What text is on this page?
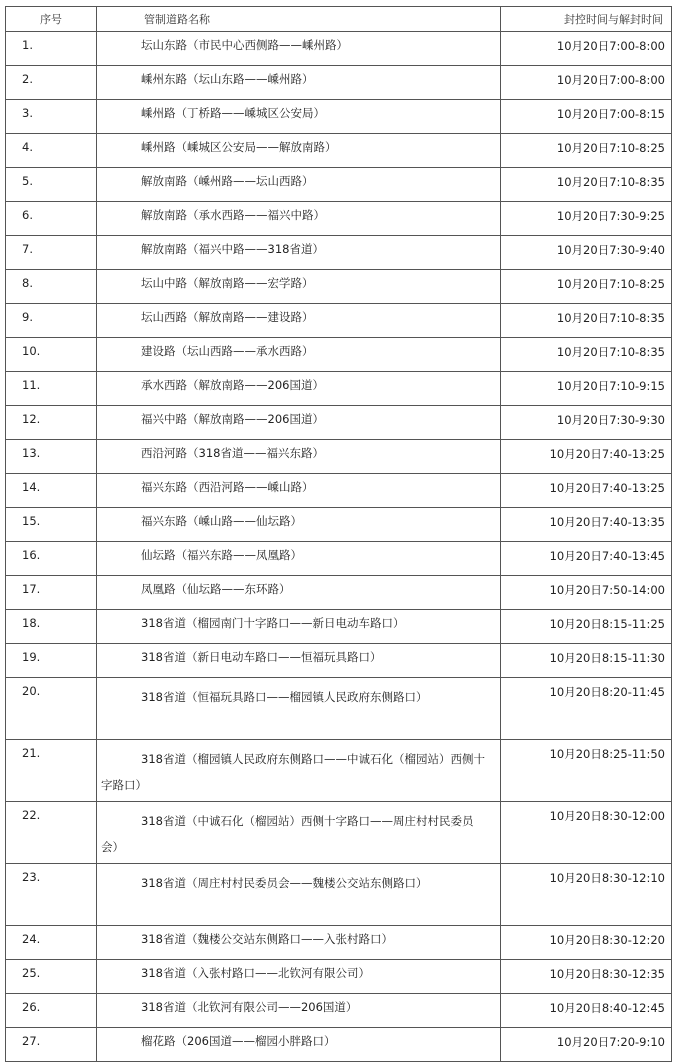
序号	管制道路名称	封控时间与解封时间
1.	坛山东路（市民中心西侧路——嵊州路）	10月20日7:00-8:00
2.	嵊州东路（坛山东路——嵊州路）	10月20日7:00-8:00
3.	嵊州路（丁桥路——嵊城区公安局）	10月20日7:00-8:15
4.	嵊州路（嵊城区公安局——解放南路）	10月20日7:10-8:25
5.	解放南路（嵊州路——坛山西路）	10月20日7:10-8:35
6.	解放南路（承水西路——福兴中路）	10月20日7:30-9:25
7.	解放南路（福兴中路——318省道）	10月20日7:30-9:40
8.	坛山中路（解放南路——宏学路）	10月20日7:10-8:25
9.	坛山西路（解放南路——建设路）	10月20日7:10-8:35
10.	建设路（坛山西路——承水西路）	10月20日7:10-8:35
11.	承水西路（解放南路——206国道）	10月20日7:10-9:15
12.	福兴中路（解放南路——206国道）	10月20日7:30-9:30
13.	西沿河路（318省道——福兴东路）	10月20日7:40-13:25
14.	福兴东路（西沿河路——嵊山路）	10月20日7:40-13:25
15.	福兴东路（嵊山路——仙坛路）	10月20日7:40-13:35
16.	仙坛路（福兴东路——凤凰路）	10月20日7:40-13:45
17.	凤凰路（仙坛路——东环路）	10月20日7:50-14:00
18.	318省道（榴园南门十字路口——新日电动车路口）	10月20日8:15-11:25
19.	318省道（新日电动车路口——恒福玩具路口）	10月20日8:15-11:30
20.	318省道（恒福玩具路口——榴园镇人民政府东侧路口）	10月20日8:20-11:45
21.	318省道（榴园镇人民政府东侧路口——中诚石化（榴园站）西侧十字路口）	10月20日8:25-11:50
22.	318省道（中诚石化（榴园站）西侧十字路口——周庄村村民委员会）	10月20日8:30-12:00
23.	318省道（周庄村村民委员会——魏楼公交站东侧路口）	10月20日8:30-12:10
24.	318省道（魏楼公交站东侧路口——入张村路口）	10月20日8:30-12:20
25.	318省道（入张村路口——北钦河有限公司）	10月20日8:30-12:35
26.	318省道（北钦河有限公司——206国道）	10月20日8:40-12:45
27.	榴花路（206国道——榴园小胖路口）	10月20日7:20-9:10
